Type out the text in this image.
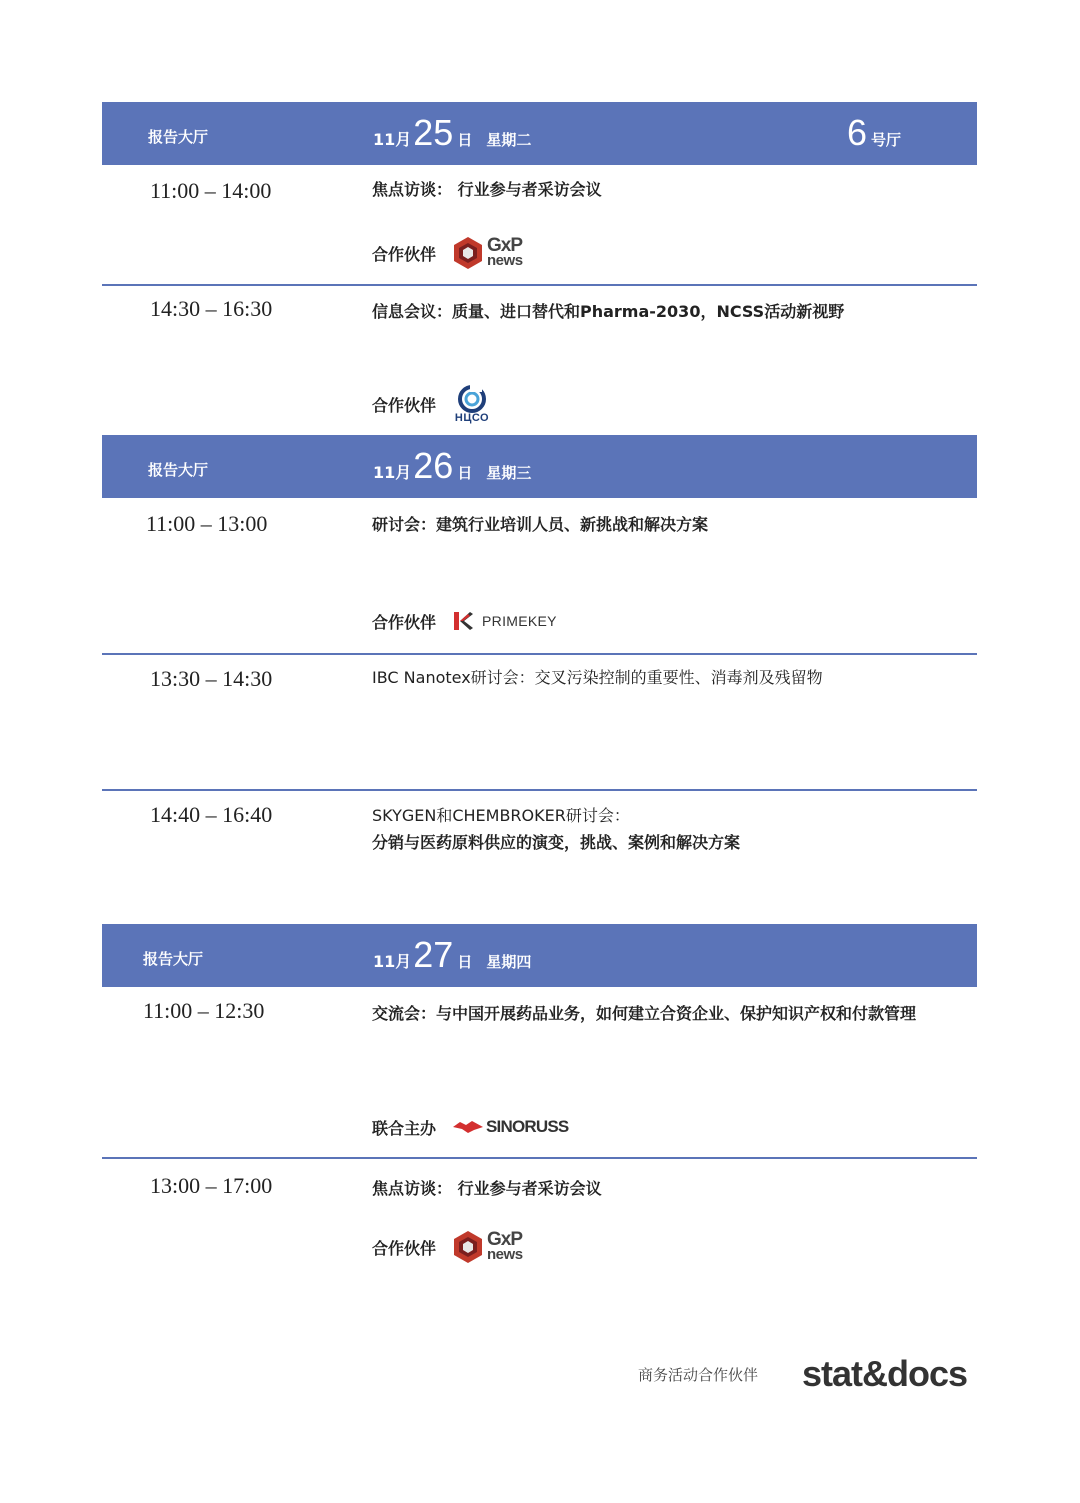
报告大厅	11月 25 日 星期二	6 号厅
11:00 – 14:00	焦点访谈： 行业参与者采访会议
合作伙伴	GxP
news
14:30 – 16:30	信息会议：质量、进口替代和Pharma-2030，NCSS活动新视野
合作伙伴
НЦСО
报告大厅	11月 26 日 星期三
11:00 – 13:00	研讨会：建筑行业培训人员、新挑战和解决方案
合作伙伴	PRIMEKEY
13:30 – 14:30	IBC Nanotex研讨会：交叉污染控制的重要性、消毒剂及残留物
14:40 – 16:40	SKYGEN和CHEMBROKER研讨会：
分销与医药原料供应的演变，挑战、案例和解决方案
报告大厅	11月 27 日 星期四
11:00 – 12:30	交流会：与中国开展药品业务，如何建立合资企业、保护知识产权和付款管理
联合主办	SINORUSS
13:00 – 17:00	焦点访谈： 行业参与者采访会议
合作伙伴	GxP
news
商务活动合作伙伴 stat&docs
